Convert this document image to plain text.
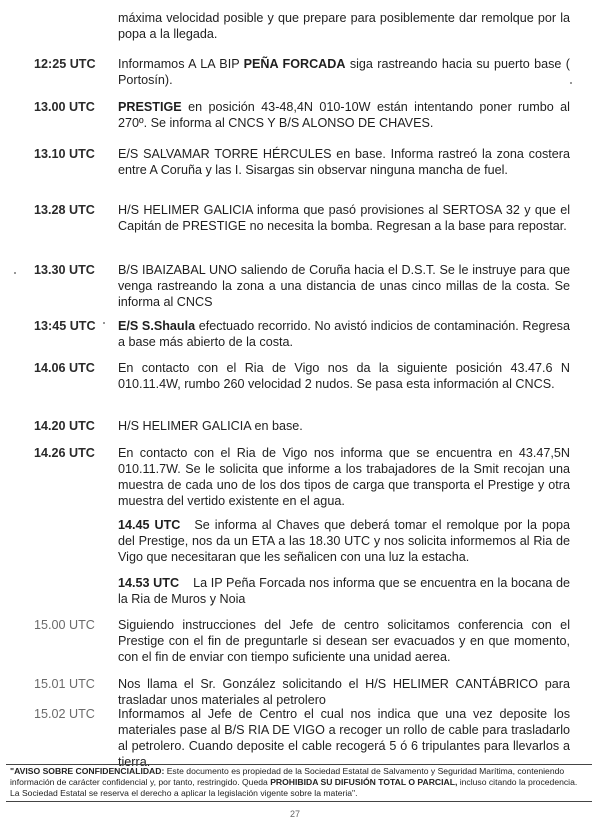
máxima velocidad posible y que prepare para posiblemente dar remolque por la popa a la llegada.
12:25 UTC	Informamos A LA BIP PEÑA FORCADA siga rastreando hacia su puerto base ( Portosín).
13.00 UTC	PRESTIGE en posición 43-48,4N 010-10W están intentando poner rumbo al 270º. Se informa al CNCS Y B/S ALONSO DE CHAVES.
13.10 UTC	E/S SALVAMAR TORRE HÉRCULES en base. Informa rastreó la zona costera entre A Coruña y las I. Sisargas sin observar ninguna mancha de fuel.
13.28 UTC	H/S HELIMER GALICIA informa que pasó provisiones al SERTOSA 32 y que el Capitán de PRESTIGE no necesita la bomba. Regresan a la base para repostar.
13.30 UTC	B/S IBAIZABAL UNO saliendo de Coruña hacia el D.S.T. Se le instruye para que venga rastreando la zona a una distancia de unas cinco millas de la costa. Se informa al CNCS
13:45 UTC	E/S S.Shaula efectuado recorrido. No avistó indicios de contaminación. Regresa a base más abierto de la costa.
14.06 UTC	En contacto con el Ria de Vigo nos da la siguiente posición 43.47.6 N 010.11.4W, rumbo 260 velocidad 2 nudos. Se pasa esta información al CNCS.
14.20 UTC	H/S HELIMER GALICIA en base.
14.26 UTC	En contacto con el Ria de Vigo nos informa que se encuentra en 43.47,5N 010.11.7W. Se le solicita que informe a los trabajadores de la Smit recojan una muestra de cada uno de los dos tipos de carga que transporta el Prestige y otra muestra del vertido existente en el agua.
14.45 UTC Se informa al Chaves que deberá tomar el remolque por la popa del Prestige, nos da un ETA a las 18.30 UTC y nos solicita informemos al Ria de Vigo que necesitaran que les señalicen con una luz la estacha.
14.53 UTC La IP Peña Forcada nos informa que se encuentra en la bocana de la Ria de Muros y Noia
15.00 UTC	Siguiendo instrucciones del Jefe de centro solicitamos conferencia con el Prestige con el fin de preguntarle si desean ser evacuados y en que momento, con el fin de enviar con tiempo suficiente una unidad aerea.
15.01 UTC	Nos llama el Sr. González solicitando el H/S HELIMER CANTÁBRICO para trasladar unos materiales al petrolero
15.02 UTC	Informamos al Jefe de Centro el cual nos indica que una vez deposite los materiales pase al B/S RIA DE VIGO a recoger un rollo de cable para trasladarlo al petrolero. Cuando deposite el cable recogerá 5 ó 6 tripulantes para llevarlos a tierra.
"AVISO SOBRE CONFIDENCIALIDAD: Este documento es propiedad de la Sociedad Estatal de Salvamento y Seguridad Marítima, conteniendo información de carácter confidencial y, por tanto, restringido. Queda PROHIBIDA SU DIFUSIÓN TOTAL O PARCIAL, incluso citando la procedencia. La Sociedad Estatal se reserva el derecho a aplicar la legislación vigente sobre la materia".
27
